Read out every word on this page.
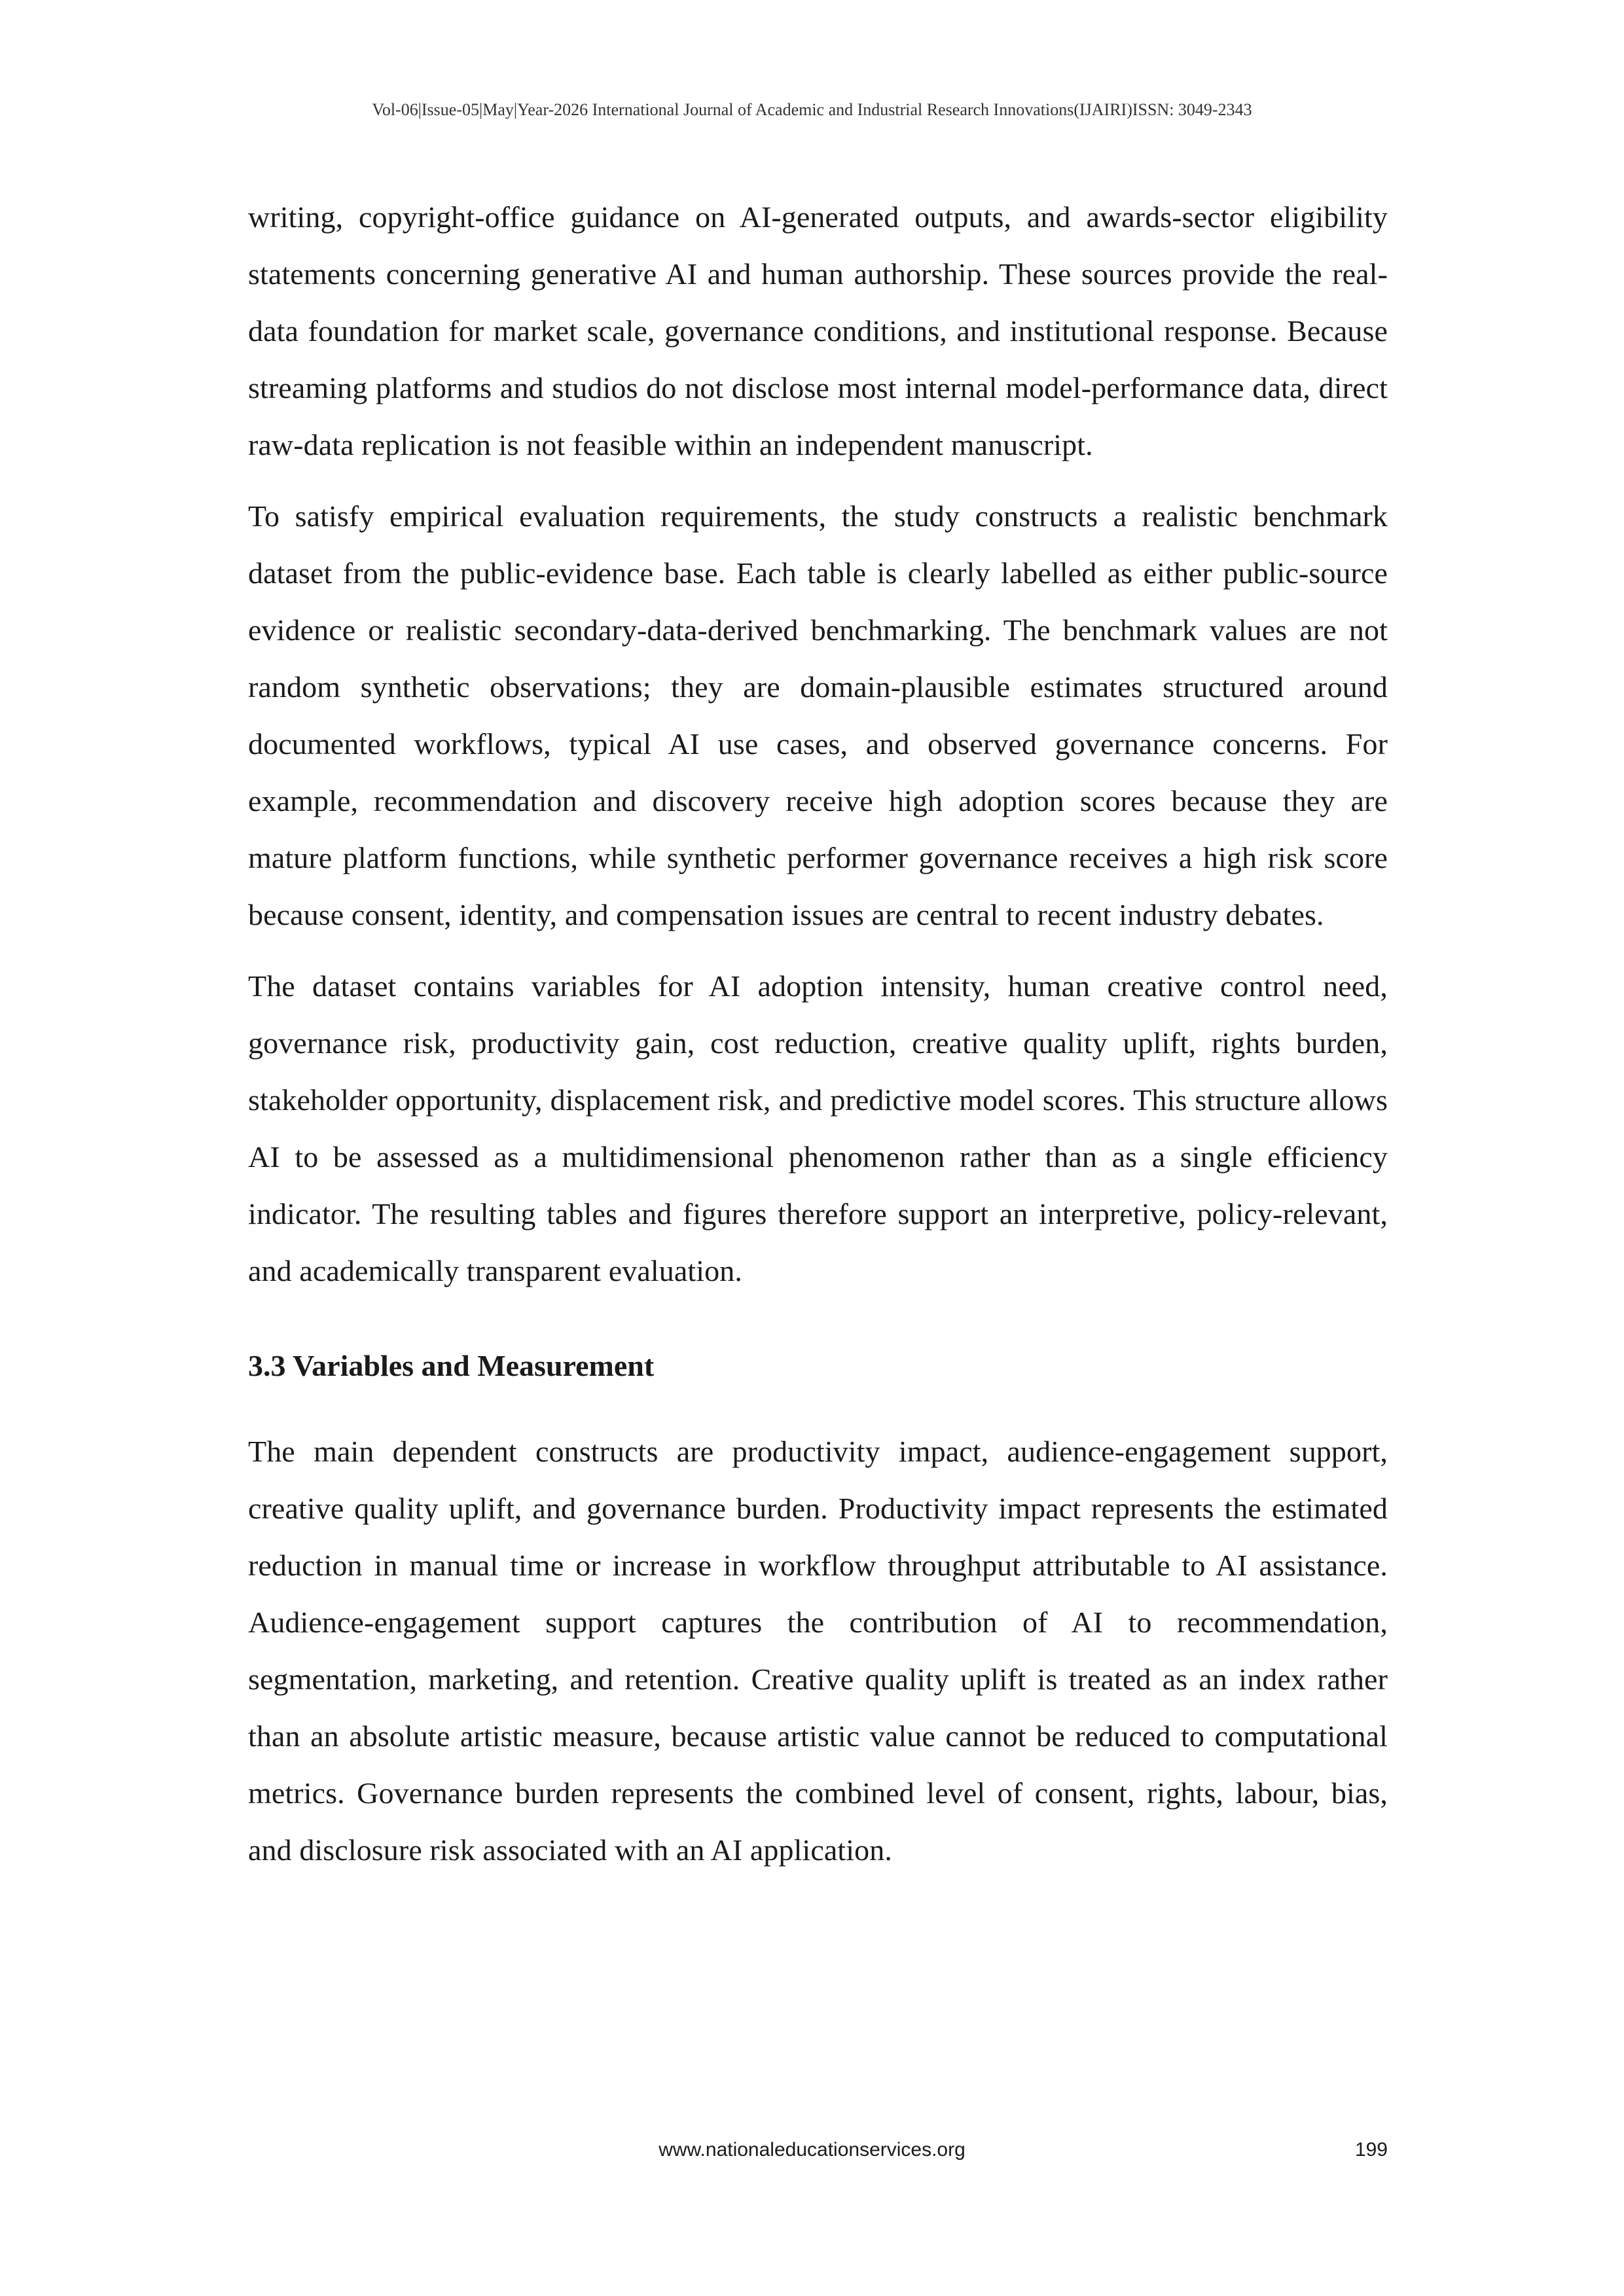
Vol-06|Issue-05|May|Year-2026 International Journal of Academic and Industrial Research Innovations(IJAIRI)ISSN: 3049-2343

writing, copyright-office guidance on AI-generated outputs, and awards-sector eligibility statements concerning generative AI and human authorship. These sources provide the real-data foundation for market scale, governance conditions, and institutional response. Because streaming platforms and studios do not disclose most internal model-performance data, direct raw-data replication is not feasible within an independent manuscript.

To satisfy empirical evaluation requirements, the study constructs a realistic benchmark dataset from the public-evidence base. Each table is clearly labelled as either public-source evidence or realistic secondary-data-derived benchmarking. The benchmark values are not random synthetic observations; they are domain-plausible estimates structured around documented workflows, typical AI use cases, and observed governance concerns. For example, recommendation and discovery receive high adoption scores because they are mature platform functions, while synthetic performer governance receives a high risk score because consent, identity, and compensation issues are central to recent industry debates.

The dataset contains variables for AI adoption intensity, human creative control need, governance risk, productivity gain, cost reduction, creative quality uplift, rights burden, stakeholder opportunity, displacement risk, and predictive model scores. This structure allows AI to be assessed as a multidimensional phenomenon rather than as a single efficiency indicator. The resulting tables and figures therefore support an interpretive, policy-relevant, and academically transparent evaluation.

3.3 Variables and Measurement

The main dependent constructs are productivity impact, audience-engagement support, creative quality uplift, and governance burden. Productivity impact represents the estimated reduction in manual time or increase in workflow throughput attributable to AI assistance. Audience-engagement support captures the contribution of AI to recommendation, segmentation, marketing, and retention. Creative quality uplift is treated as an index rather than an absolute artistic measure, because artistic value cannot be reduced to computational metrics. Governance burden represents the combined level of consent, rights, labour, bias, and disclosure risk associated with an AI application.

www.nationaleducationservices.org	199
